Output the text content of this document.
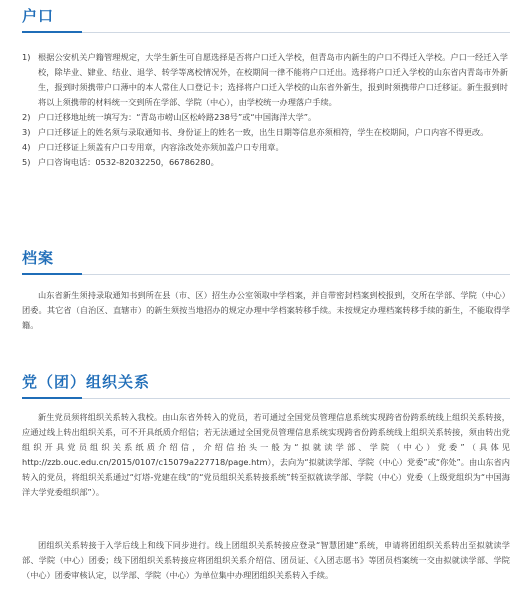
户口
1) 根据公安机关户籍管理规定，大学生新生可自愿选择是否将户口迁入学校，但青岛市内新生的户口不得迁入学校。户口一经迁入学校，除毕业、肄业、结业、退学、转学等离校情况外，在校期间一律不能将户口迁出。选择将户口迁入学校的山东省内青岛市外新生，报到时须携带户口薄中的本人常住人口登记卡；选择将户口迁入学校的山东省外新生，报到时须携带户口迁移证。新生报到时将以上须携带的材料统一交到所在学部、学院（中心），由学校统一办理落户手续。
2) 户口迁移地址统一填写为：“青岛市崂山区松岭路238号”或“中国海洋大学”。
3) 户口迁移证上的姓名须与录取通知书、身份证上的姓名一致，出生日期等信息亦须相符，学生在校期间，户口内容不得更改。
4) 户口迁移证上须盖有户口专用章，内容涂改处亦须加盖户口专用章。
5) 户口咨询电话：0532-82032250，66786280。
档案

山东省新生须持录取通知书到所在县（市、区）招生办公室领取中学档案，并自带密封档案到校报到，交所在学部、学院（中心）团委。其它省（自治区、直辖市）的新生须按当地招办的规定办理中学档案转移手续。未按规定办理档案转移手续的新生，不能取得学籍。

党（团）组织关系

新生党员须将组织关系转入我校。由山东省外转入的党员，若可通过全国党员管理信息系统实现跨省份跨系统线上组织关系转接，应通过线上转出组织关系，可不开具纸质介绍信；若无法通过全国党员管理信息系统实现跨省份跨系统线上组织关系转接，须由转出党组织开具党员组织关系纸质介绍信，介绍信抬头一般为“拟就读学部、学院（中心）党委”（具体见http://zzb.ouc.edu.cn/2015/0107/c15079a227718/page.htm），去向为“拟就读学部、学院（中心）党委”或“你处”。由山东省内转入的党员，将组织关系通过“灯塔-党建在线”的“党员组织关系转接系统”转至拟就读学部、学院（中心）党委（上级党组织为“中国海洋大学党委组织部”）。

团组织关系转接于入学后线上和线下同步进行。线上团组织关系转接应登录“智慧团建”系统，申请将团组织关系转出至拟就读学部、学院（中心）团委；线下团组织关系转接应将团组织关系介绍信、团员证、《入团志愿书》等团员档案统一交由拟就读学部、学院（中心）团委审核认定，以学部、学院（中心）为单位集中办理团组织关系转入手续。
